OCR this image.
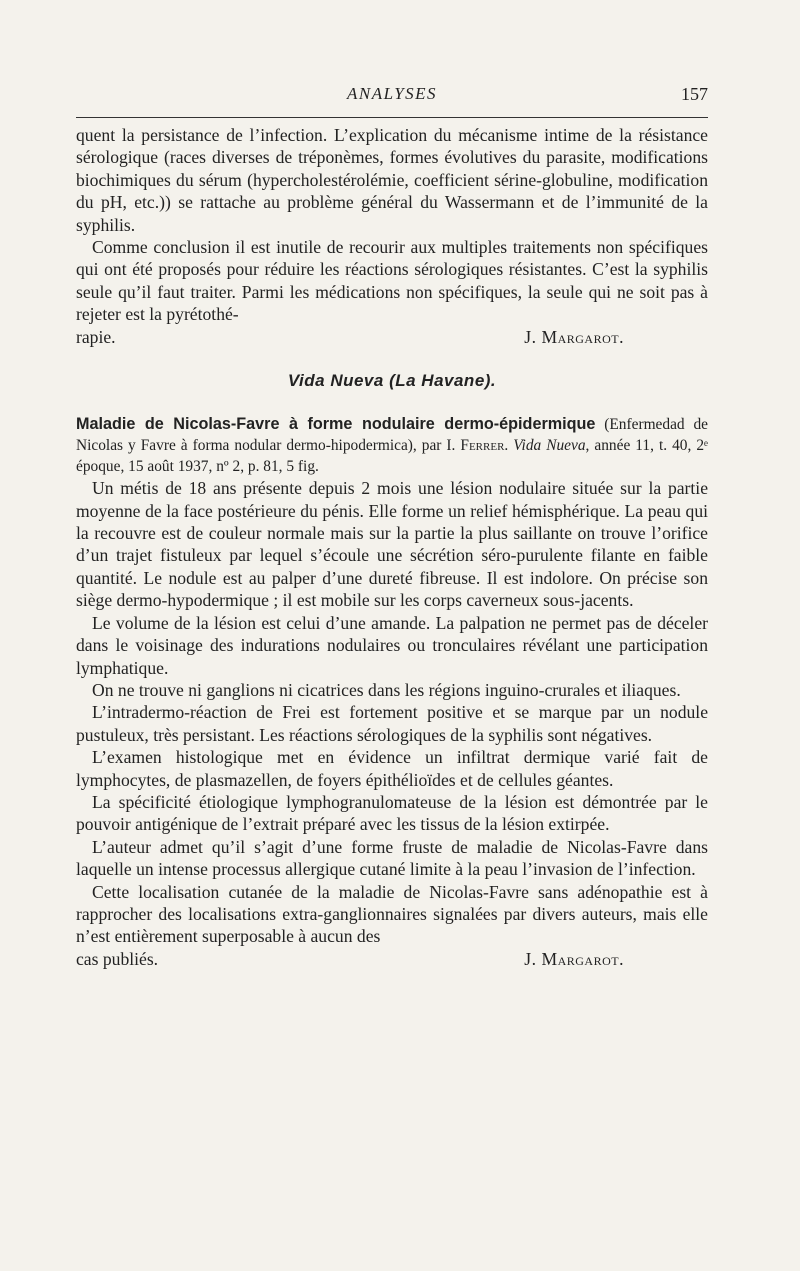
ANALYSES	157

quent la persistance de l’infection. L’explication du mécanisme intime de la résistance sérologique (races diverses de tréponèmes, formes évolutives du parasite, modifications biochimiques du sérum (hypercholestérolémie, coefficient sérine-globuline, modification du pH, etc.)) se rattache au problème général du Wassermann et de l’immunité de la syphilis.

Comme conclusion il est inutile de recourir aux multiples traitements non spécifiques qui ont été proposés pour réduire les réactions sérologiques résistantes. C’est la syphilis seule qu’il faut traiter. Parmi les médications non spécifiques, la seule qui ne soit pas à rejeter est la pyrétothé-

rapie.	J. Margarot.
Vida Nueva (La Havane).

Maladie de Nicolas-Favre à forme nodulaire dermo-épidermique (Enfermedad de Nicolas y Favre à forma nodular dermo-hipodermica), par I. Ferrer. Vida Nueva, année 11, t. 40, 2ᵉ époque, 15 août 1937, nº 2, p. 81, 5 fig.

Un métis de 18 ans présente depuis 2 mois une lésion nodulaire située sur la partie moyenne de la face postérieure du pénis. Elle forme un relief hémisphérique. La peau qui la recouvre est de couleur normale mais sur la partie la plus saillante on trouve l’orifice d’un trajet fistuleux par lequel s’écoule une sécrétion séro-purulente filante en faible quantité. Le nodule est au palper d’une dureté fibreuse. Il est indolore. On précise son siège dermo-hypodermique ; il est mobile sur les corps caverneux sous-jacents.

Le volume de la lésion est celui d’une amande. La palpation ne permet pas de déceler dans le voisinage des indurations nodulaires ou tronculaires révélant une participation lymphatique.

On ne trouve ni ganglions ni cicatrices dans les régions inguino-crurales et iliaques.

L’intradermo-réaction de Frei est fortement positive et se marque par un nodule pustuleux, très persistant. Les réactions sérologiques de la syphilis sont négatives.

L’examen histologique met en évidence un infiltrat dermique varié fait de lymphocytes, de plasmazellen, de foyers épithélioïdes et de cellules géantes.

La spécificité étiologique lymphogranulomateuse de la lésion est démontrée par le pouvoir antigénique de l’extrait préparé avec les tissus de la lésion extirpée.

L’auteur admet qu’il s’agit d’une forme fruste de maladie de Nicolas-Favre dans laquelle un intense processus allergique cutané limite à la peau l’invasion de l’infection.

Cette localisation cutanée de la maladie de Nicolas-Favre sans adénopathie est à rapprocher des localisations extra-ganglionnaires signalées par divers auteurs, mais elle n’est entièrement superposable à aucun des

cas publiés.	J. Margarot.
